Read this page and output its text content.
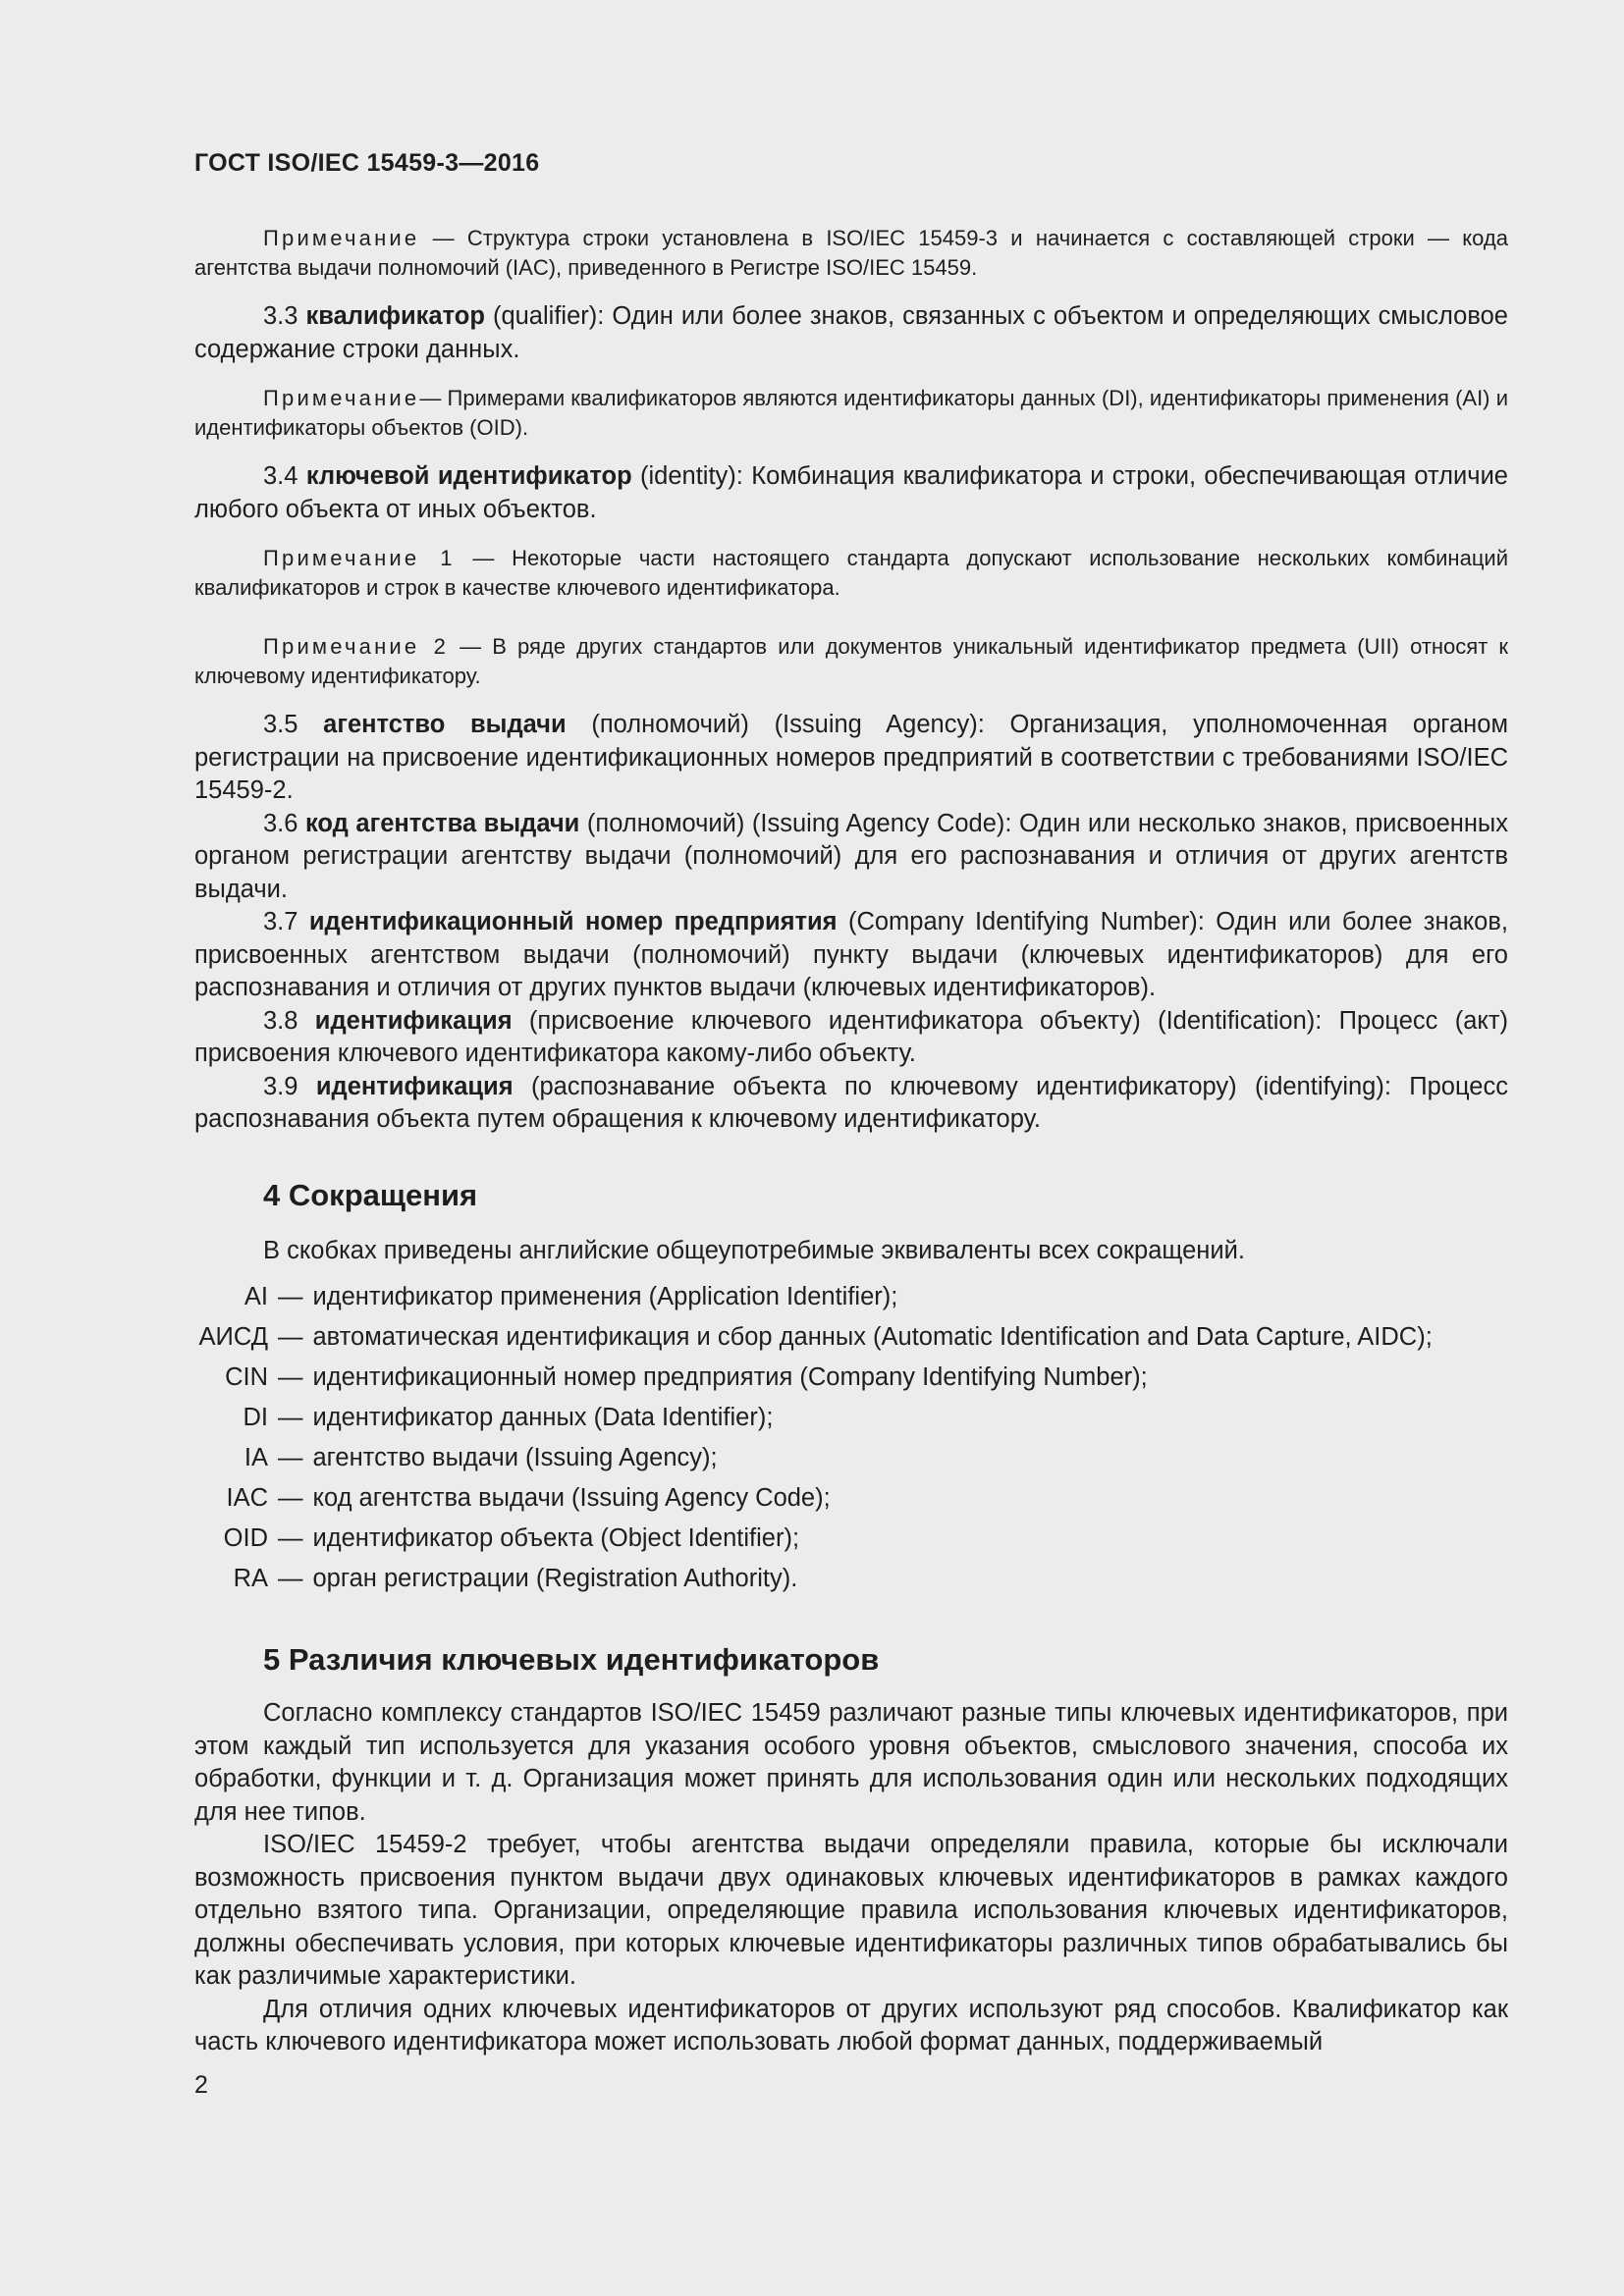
ГОСТ ISO/IEC 15459-3—2016

Примечание — Структура строки установлена в ISO/IEC 15459-3 и начинается с составляющей строки — кода агентства выдачи полномочий (IAC), приведенного в Регистре ISO/IEC 15459.

3.3 квалификатор (qualifier): Один или более знаков, связанных с объектом и определяющих смысловое содержание строки данных.

Примечание— Примерами квалификаторов являются идентификаторы данных (DI), идентификаторы применения (AI) и идентификаторы объектов (OID).

3.4 ключевой идентификатор (identity): Комбинация квалификатора и строки, обеспечивающая отличие любого объекта от иных объектов.

Примечание 1 — Некоторые части настоящего стандарта допускают использование нескольких комбинаций квалификаторов и строк в качестве ключевого идентификатора.

Примечание 2 — В ряде других стандартов или документов уникальный идентификатор предмета (UII) относят к ключевому идентификатору.

3.5 агентство выдачи (полномочий) (Issuing Agency): Организация, уполномоченная органом регистрации на присвоение идентификационных номеров предприятий в соответствии с требованиями ISO/IEC 15459-2.

3.6 код агентства выдачи (полномочий) (Issuing Agency Code): Один или несколько знаков, присвоенных органом регистрации агентству выдачи (полномочий) для его распознавания и отличия от других агентств выдачи.

3.7 идентификационный номер предприятия (Company Identifying Number): Один или более знаков, присвоенных агентством выдачи (полномочий) пункту выдачи (ключевых идентификаторов) для его распознавания и отличия от других пунктов выдачи (ключевых идентификаторов).

3.8 идентификация (присвоение ключевого идентификатора объекту) (Identification): Процесс (акт) присвоения ключевого идентификатора какому-либо объекту.

3.9 идентификация (распознавание объекта по ключевому идентификатору) (identifying): Процесс распознавания объекта путем обращения к ключевому идентификатору.

4 Сокращения

В скобках приведены английские общеупотребимые эквиваленты всех сокращений.

AI — идентификатор применения (Application Identifier);
АИСД — автоматическая идентификация и сбор данных (Automatic Identification and Data Capture, AIDC);
CIN — идентификационный номер предприятия (Company Identifying Number);
DI — идентификатор данных (Data Identifier);
IA — агентство выдачи (Issuing Agency);
IAC — код агентства выдачи (Issuing Agency Code);
OID — идентификатор объекта (Object Identifier);
RA — орган регистрации (Registration Authority).
5 Различия ключевых идентификаторов

Согласно комплексу стандартов ISO/IEC 15459 различают разные типы ключевых идентификаторов, при этом каждый тип используется для указания особого уровня объектов, смыслового значения, способа их обработки, функции и т. д. Организация может принять для использования один или нескольких подходящих для нее типов.

ISO/IEC 15459-2 требует, чтобы агентства выдачи определяли правила, которые бы исключали возможность присвоения пунктом выдачи двух одинаковых ключевых идентификаторов в рамках каждого отдельно взятого типа. Организации, определяющие правила использования ключевых идентификаторов, должны обеспечивать условия, при которых ключевые идентификаторы различных типов обрабатывались бы как различимые характеристики.

Для отличия одних ключевых идентификаторов от других используют ряд способов. Квалификатор как часть ключевого идентификатора может использовать любой формат данных, поддерживаемый

2
